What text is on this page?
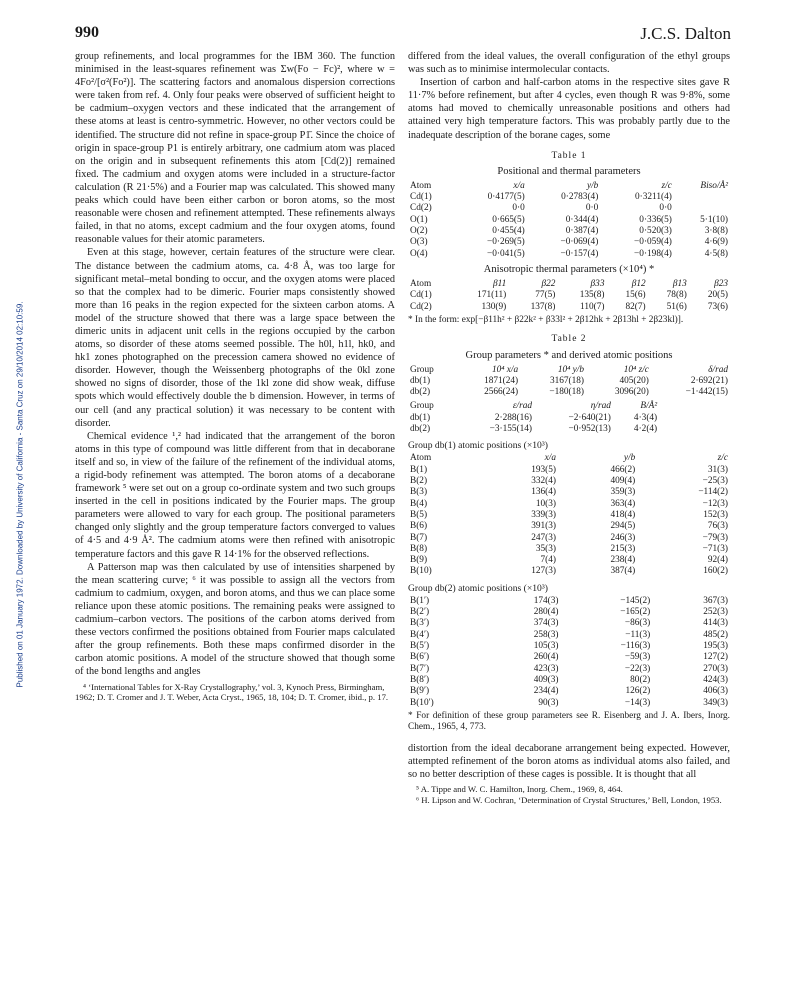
990	J.C.S. Dalton
Published on 01 January 1972. Downloaded by University of California - Santa Cruz on 29/10/2014 02:10:59.

group refinements, and local programmes for the IBM 360. The function minimised in the least-squares refinement was Σw(Fo − Fc)², where w = 4Fo²/[σ²(Fo²)]. The scattering factors and anomalous dispersion corrections were taken from ref. 4. Only four peaks were observed of sufficient height to be cadmium–oxygen vectors and these indicated that the arrangement of these atoms at least is centro-symmetric. However, no other vectors could be identified. The structure did not refine in space-group P1̄. Since the choice of origin in space-group P1 is entirely arbitrary, one cadmium atom was placed on the origin and in subsequent refinements this atom [Cd(2)] remained fixed. The cadmium and oxygen atoms were included in a structure-factor calculation (R 21·5%) and a Fourier map was calculated. This showed many peaks which could have been either carbon or boron atoms, so the most reasonable were chosen and refinement attempted. These refinements always failed, in that no atoms, except cadmium and the four oxygen atoms, found reasonable values for their atomic parameters.

Even at this stage, however, certain features of the structure were clear. The distance between the cadmium atoms, ca. 4·8 Å, was too large for significant metal–metal bonding to occur, and the oxygen atoms were placed so that the complex had to be dimeric. Fourier maps consistently showed more than 16 peaks in the region expected for the sixteen carbon atoms. A model of the structure showed that there was a large space between the dimeric units in adjacent unit cells in the regions occupied by the carbon atoms, so disorder of these atoms seemed possible. The h0l, h1l, hk0, and hk1 zones photographed on the precession camera showed no evidence of disorder. However, though the Weissenberg photographs of the 0kl zone showed no signs of disorder, those of the 1kl zone did show weak, diffuse spots which would effectively double the b dimension. However, in terms of our cell (and any practical solution) it was necessary to be content with disorder.

Chemical evidence ¹,² had indicated that the arrangement of the boron atoms in this type of compound was little different from that in decaborane itself and so, in view of the failure of the refinement of the individual atoms, a rigid-body refinement was attempted. The boron atoms of a decaborane framework ⁵ were set out on a group co-ordinate system and two such groups inserted in the cell in positions indicated by the Fourier maps. The group parameters were allowed to vary for each group. The positional parameters changed only slightly and the group temperature factors converged to values of 4·5 and 4·9 Å². The cadmium atoms were then refined with anisotropic temperature factors and this gave R 14·1% for the observed reflections.

A Patterson map was then calculated by use of intensities sharpened by the mean scattering curve; ⁶ it was possible to assign all the vectors from cadmium to cadmium, oxygen, and boron atoms, and thus we can place some reliance upon these atomic positions. The remaining peaks were assigned to cadmium–carbon vectors. The positions of the carbon atoms derived from these vectors confirmed the positions obtained from Fourier maps calculated after the group refinements. Both these maps confirmed disorder in the carbon atomic positions. A model of the structure showed that though some of the bond lengths and angles

⁴ ‘International Tables for X-Ray Crystallography,’ vol. 3, Kynoch Press, Birmingham, 1962; D. T. Cromer and J. T. Weber, Acta Cryst., 1965, 18, 104; D. T. Cromer, ibid., p. 17.

differed from the ideal values, the overall configuration of the ethyl groups was such as to minimise intermolecular contacts.

Insertion of carbon and half-carbon atoms in the respective sites gave R 11·7% before refinement, but after 4 cycles, even though R was 9·8%, some atoms had moved to chemically unreasonable positions and others had attained very high temperature factors. This was probably partly due to the inadequate description of the borane cages, some

Table 1
Positional and thermal parameters
Atom	x/a	y/b	z/c	Biso/Å²
Cd(1)	0·4177(5)	0·2783(4)	0·3211(4)	
Cd(2)	0·0	0·0	0·0	
O(1)	0·665(5)	0·344(4)	0·336(5)	5·1(10)
O(2)	0·455(4)	0·387(4)	0·520(3)	3·8(8)
O(3)	−0·269(5)	−0·069(4)	−0·059(4)	4·6(9)
O(4)	−0·041(5)	−0·157(4)	−0·198(4)	4·5(8)
Anisotropic thermal parameters (×10⁴) *
Atom	β11	β22	β33	β12	β13	β23
Cd(1)	171(11)	77(5)	135(8)	15(6)	78(8)	20(5)
Cd(2)	130(9)	137(8)	110(7)	82(7)	51(6)	73(6)
* In the form: exp[−β11h² + β22k² + β33l² + 2β12hk + 2β13hl + 2β23kl)].
Table 2
Group parameters * and derived atomic positions
Group	10⁴ x/a	10⁴ y/b	10⁴ z/c	δ/rad
db(1)	1871(24)	3167(18)	405(20)	2·692(21)
db(2)	2566(24)	−180(18)	3096(20)	−1·442(15)
Group	ε/rad	η/rad	B/Å²
db(1)	2·288(16)	−2·640(21)	4·3(4)
db(2)	−3·155(14)	−0·952(13)	4·2(4)
Group db(1) atomic positions (×10³)
Atom	x/a	y/b	z/c
B(1)	193(5)	466(2)	31(3)
B(2)	332(4)	409(4)	−25(3)
B(3)	136(4)	359(3)	−114(2)
B(4)	10(3)	363(4)	−12(3)
B(5)	339(3)	418(4)	152(3)
B(6)	391(3)	294(5)	76(3)
B(7)	247(3)	246(3)	−79(3)
B(8)	35(3)	215(3)	−71(3)
B(9)	7(4)	238(4)	92(4)
B(10)	127(3)	387(4)	160(2)
Group db(2) atomic positions (×10³)
B(1′)	174(3)	−145(2)	367(3)
B(2′)	280(4)	−165(2)	252(3)
B(3′)	374(3)	−86(3)	414(3)
B(4′)	258(3)	−11(3)	485(2)
B(5′)	105(3)	−116(3)	195(3)
B(6′)	260(4)	−59(3)	127(2)
B(7′)	423(3)	−22(3)	270(3)
B(8′)	409(3)	80(2)	424(3)
B(9′)	234(4)	126(2)	406(3)
B(10′)	90(3)	−14(3)	349(3)
* For definition of these group parameters see R. Eisenberg and J. A. Ibers, Inorg. Chem., 1965, 4, 773.

distortion from the ideal decaborane arrangement being expected. However, attempted refinement of the boron atoms as individual atoms also failed, and so no better description of these cages is possible. It is thought that all

⁵ A. Tippe and W. C. Hamilton, Inorg. Chem., 1969, 8, 464.

⁶ H. Lipson and W. Cochran, ‘Determination of Crystal Structures,’ Bell, London, 1953.
